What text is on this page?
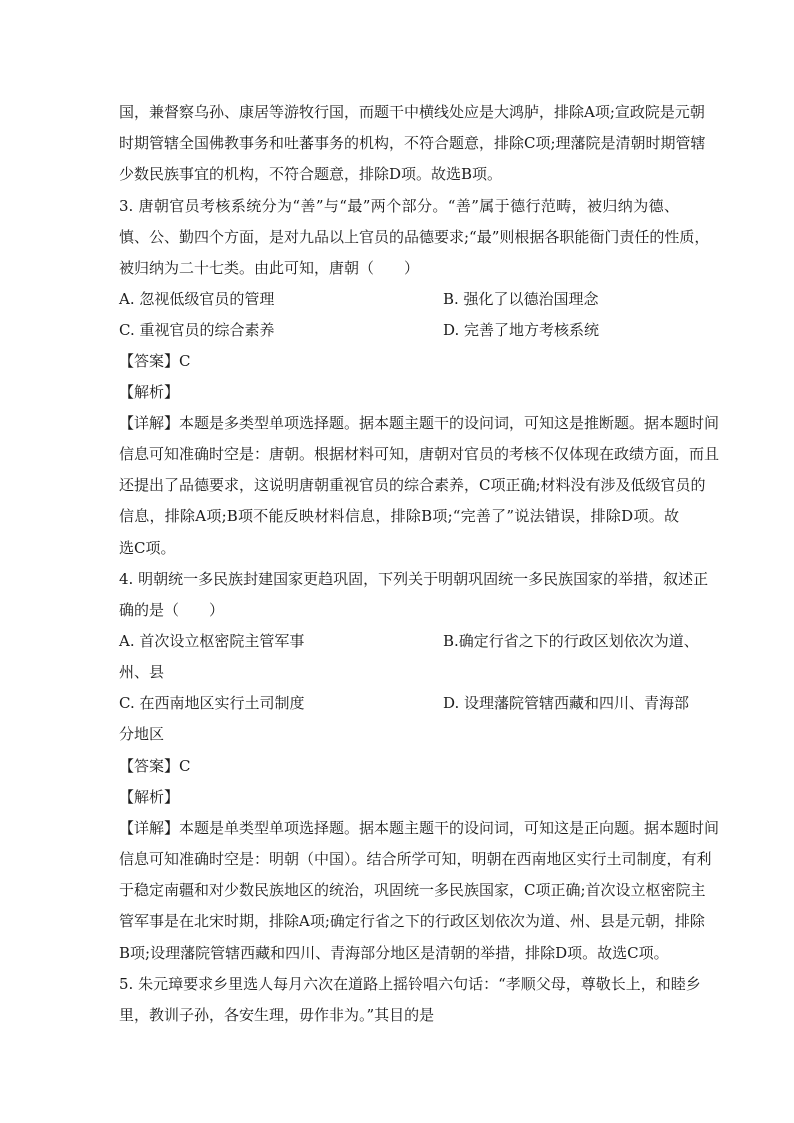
国，兼督察乌孙、康居等游牧行国，而题干中横线处应是大鸿胪，排除A项;宣政院是元朝
时期管辖全国佛教事务和吐蕃事务的机构，不符合题意，排除C项;理藩院是清朝时期管辖
少数民族事宜的机构，不符合题意，排除D项。故选B项。
3. 唐朝官员考核系统分为“善”与“最”两个部分。“善”属于德行范畴，被归纳为德、
慎、公、勤四个方面，是对九品以上官员的品德要求;“最”则根据各职能衙门责任的性质，
被归纳为二十七类。由此可知，唐朝（　　）
A. 忽视低级官员的管理	B. 强化了以德治国理念
C. 重视官员的综合素养	D. 完善了地方考核系统
【答案】C
【解析】
【详解】本题是多类型单项选择题。据本题主题干的设问词，可知这是推断题。据本题时间
信息可知准确时空是：唐朝。根据材料可知，唐朝对官员的考核不仅体现在政绩方面，而且
还提出了品德要求，这说明唐朝重视官员的综合素养，C项正确;材料没有涉及低级官员的
信息，排除A项;B项不能反映材料信息，排除B项;“完善了”说法错误，排除D项。故
选C项。
4. 明朝统一多民族封建国家更趋巩固，下列关于明朝巩固统一多民族国家的举措，叙述正
确的是（　　）
A. 首次设立枢密院主管军事	B.确定行省之下的行政区划依次为道、
州、县
C. 在西南地区实行土司制度	D. 设理藩院管辖西藏和四川、青海部
分地区
【答案】C
【解析】
【详解】本题是单类型单项选择题。据本题主题干的设问词，可知这是正向题。据本题时间
信息可知准确时空是：明朝（中国）。结合所学可知，明朝在西南地区实行土司制度，有利
于稳定南疆和对少数民族地区的统治，巩固统一多民族国家，C项正确;首次设立枢密院主
管军事是在北宋时期，排除A项;确定行省之下的行政区划依次为道、州、县是元朝，排除
B项;设理藩院管辖西藏和四川、青海部分地区是清朝的举措，排除D项。故选C项。
5. 朱元璋要求乡里选人每月六次在道路上摇铃唱六句话：“孝顺父母，尊敬长上，和睦乡
里，教训子孙，各安生理，毋作非为。”其目的是
